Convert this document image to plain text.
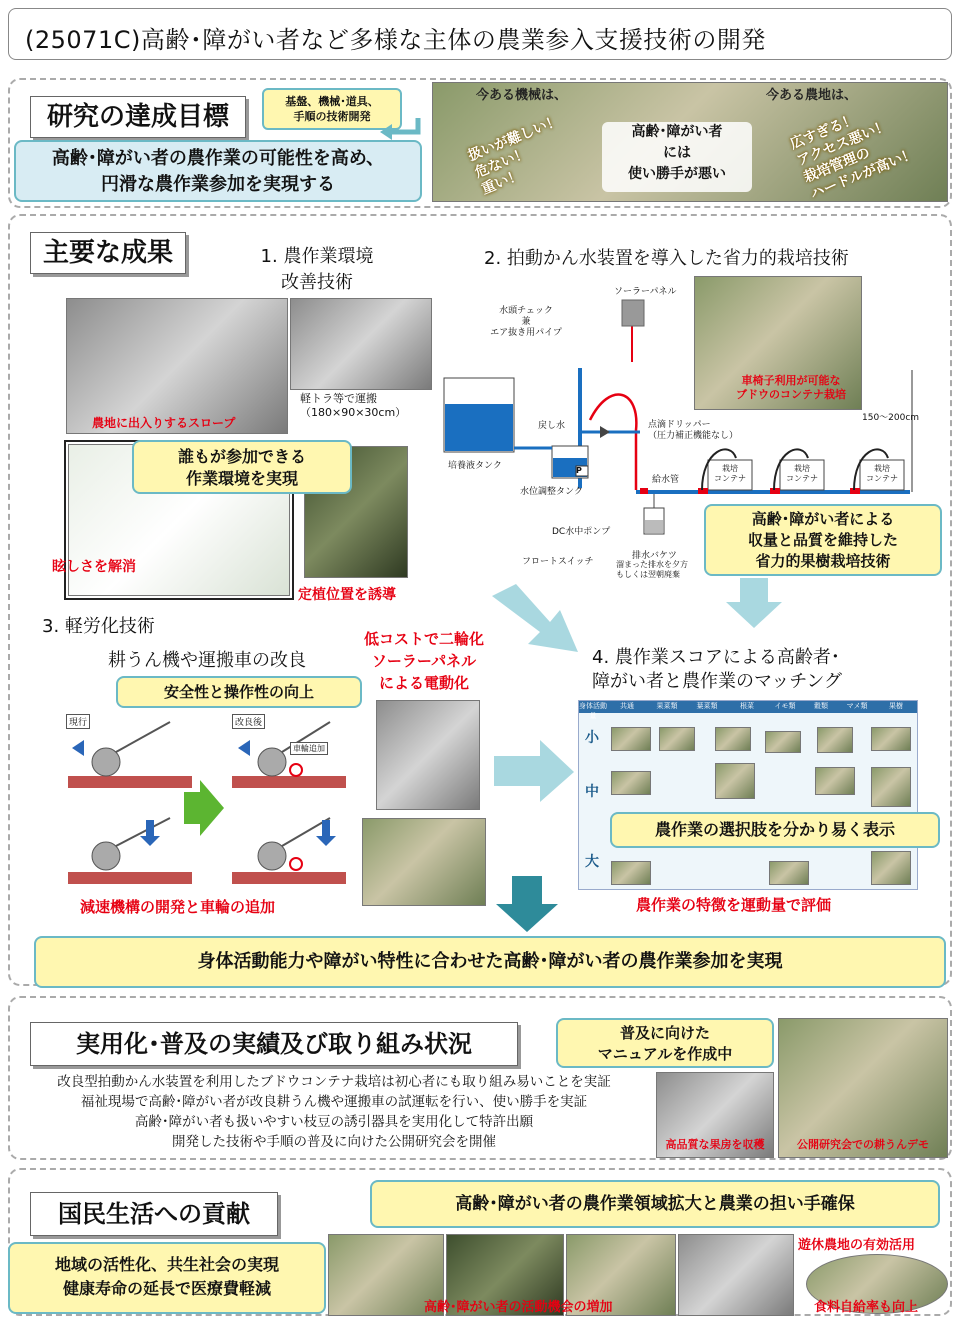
(25071C)高齢･障がい者など多様な主体の農業参入支援技術の開発
研究の達成目標
基盤、機械･道具、
手順の技術開発
高齢･障がい者の農作業の可能性を高め、
円滑な農作業参加を実現する
今ある機械は、	今ある農地は、
高齢･障がい者
には
使い勝手が悪い
扱いが難しい！
危ない！
重い！
広すぎる！
アクセス悪い！
栽培管理の
ハードルが高い！
主要な成果	1. 農作業環境
改善技術
農地に出入りするスロープ
軽トラ等で運搬
（180×90×30cm）
誰もが参加できる
作業環境を実現
眩しさを解消
定植位置を誘導
2. 拍動かん水装置を導入した省力的栽培技術
水頭チェック
兼
エア抜き用パイプ
ソーラーパネル
戻し水
培養液タンク
水位調整タンク
P
点滴ドリッパー
（圧力補正機能なし）
給水管
栽培
コンテナ
栽培
コンテナ
栽培
コンテナ
150～200cm
DC水中ポンプ
フロートスイッチ
排水バケツ
溜まった排水を夕方
もしくは翌朝廃棄
車椅子利用が可能な
ブドウのコンテナ栽培
高齢･障がい者による
収量と品質を維持した
省力的果樹栽培技術
3. 軽労化技術
耕うん機や運搬車の改良
安全性と操作性の向上
低コストで二輪化
ソーラーパネル
による電動化
現行	改良後
車輪追加
減速機構の開発と車輪の追加
4. 農作業スコアによる高齢者･
障がい者と農作業のマッチング
身体活動量
共通	果菜類	葉菜類	根菜	イモ類	穀類	マメ類	果樹
小
中
大
農作業の選択肢を分かり易く表示
農作業の特徴を運動量で評価
身体活動能力や障がい特性に合わせた高齢･障がい者の農作業参加を実現
実用化･普及の実績及び取り組み状況	普及に向けた
マニュアルを作成中
改良型拍動かん水装置を利用したブドウコンテナ栽培は初心者にも取り組み易いことを実証
福祉現場で高齢･障がい者が改良耕うん機や運搬車の試運転を行い、使い勝手を実証
高齢･障がい者も扱いやすい枝豆の誘引器具を実用化して特許出願
開発した技術や手順の普及に向けた公開研究会を開催	高品質な果房を収穫	公開研究会での耕うんデモ
国民生活への貢献	高齢･障がい者の農作業領域拡大と農業の担い手確保
地域の活性化、共生社会の実現
健康寿命の延長で医療費軽減
高齢･障がい者の活動機会の増加
遊休農地の有効活用
食料自給率も向上
